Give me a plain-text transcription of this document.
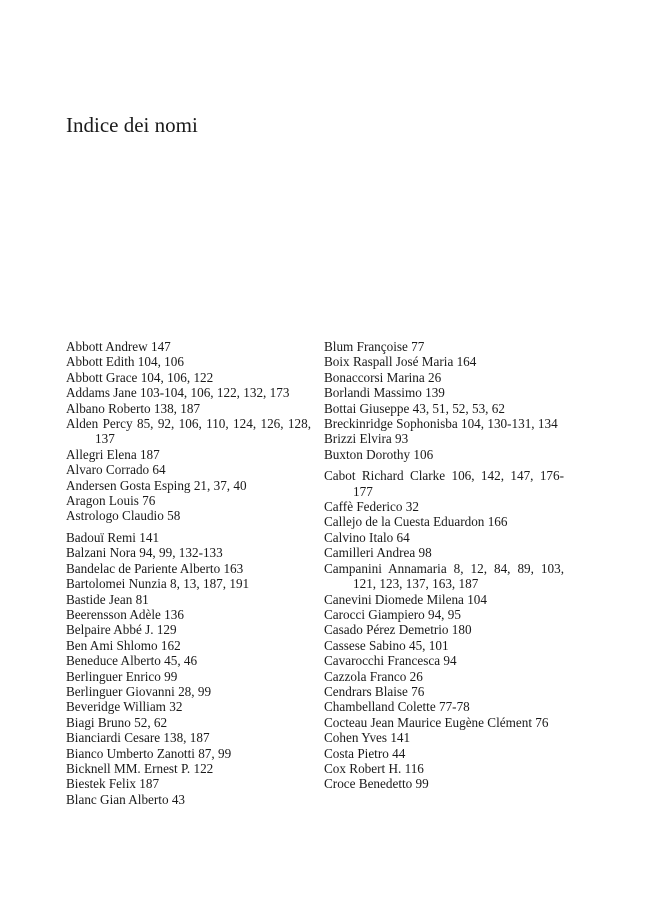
Indice dei nomi
Abbott Andrew 147
Abbott Edith 104, 106
Abbott Grace 104, 106, 122
Addams Jane 103-104, 106, 122, 132, 173
Albano Roberto 138, 187
Alden Percy 85, 92, 106, 110, 124, 126, 128, 137
Allegri Elena 187
Alvaro Corrado 64
Andersen Gosta Esping 21, 37, 40
Aragon Louis 76
Astrologo Claudio 58
Badouï Remi 141
Balzani Nora 94, 99, 132-133
Bandelac de Pariente Alberto 163
Bartolomei Nunzia 8, 13, 187, 191
Bastide Jean 81
Beerensson Adèle 136
Belpaire Abbé J. 129
Ben Ami Shlomo 162
Beneduce Alberto 45, 46
Berlinguer Enrico 99
Berlinguer Giovanni 28, 99
Beveridge William 32
Biagi Bruno 52, 62
Bianciardi Cesare 138, 187
Bianco Umberto Zanotti 87, 99
Bicknell MM. Ernest P. 122
Biestek Felix 187
Blanc Gian Alberto 43
Blum Françoise 77
Boix Raspall José Maria 164
Bonaccorsi Marina 26
Borlandi Massimo 139
Bottai Giuseppe 43, 51, 52, 53, 62
Breckinridge Sophonisba 104, 130-131, 134
Brizzi Elvira 93
Buxton Dorothy 106
Cabot Richard Clarke 106, 142, 147, 176-177
Caffè Federico 32
Callejo de la Cuesta Eduardon 166
Calvino Italo 64
Camilleri Andrea 98
Campanini Annamaria 8, 12, 84, 89, 103, 121, 123, 137, 163, 187
Canevini Diomede Milena 104
Carocci Giampiero 94, 95
Casado Pérez Demetrio 180
Cassese Sabino 45, 101
Cavarocchi Francesca 94
Cazzola Franco 26
Cendrars Blaise 76
Chambelland Colette 77-78
Cocteau Jean Maurice Eugène Clément 76
Cohen Yves 141
Costa Pietro 44
Cox Robert H. 116
Croce Benedetto 99
